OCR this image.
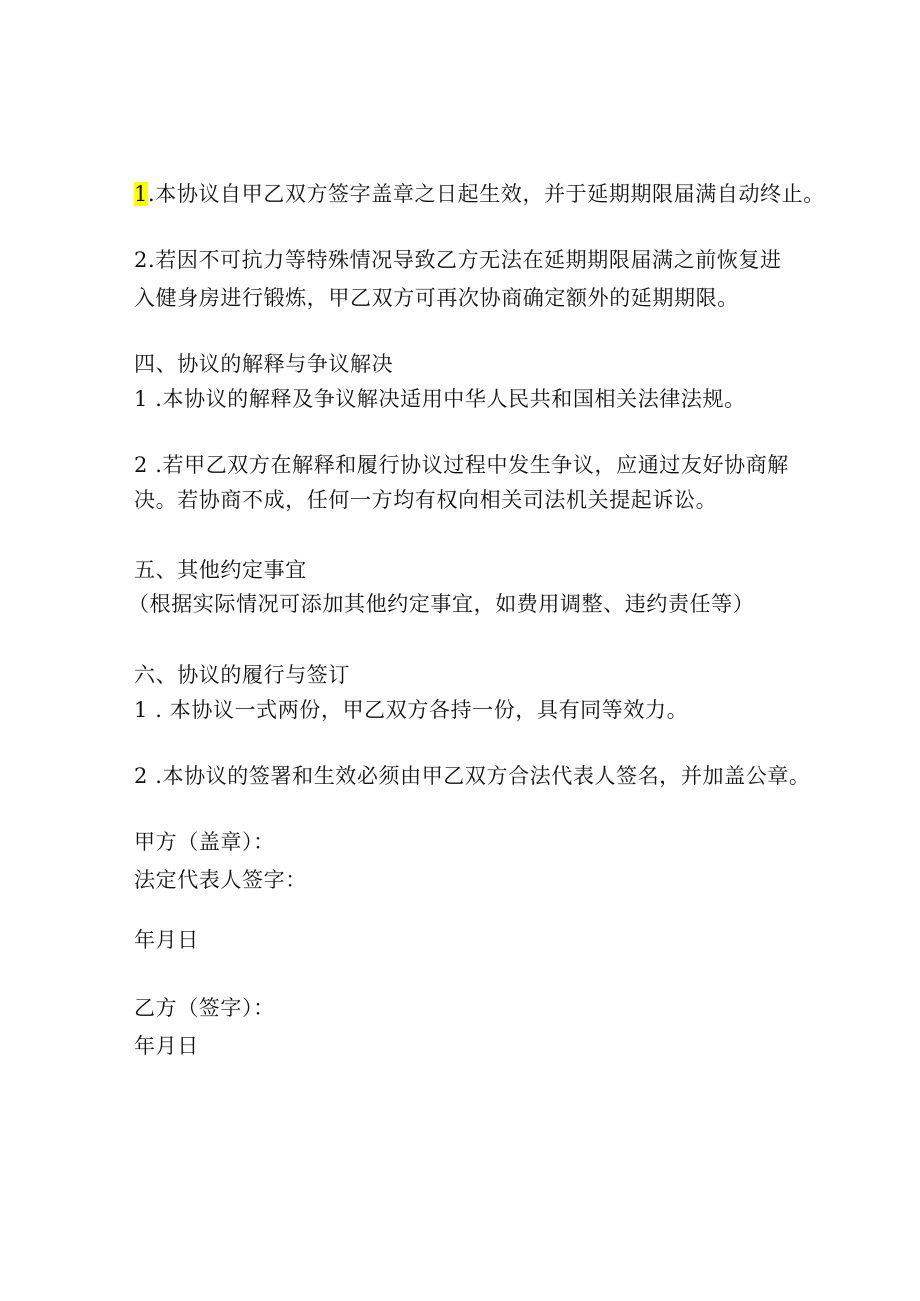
1.本协议自甲乙双方签字盖章之日起生效，并于延期期限届满自动终止。
2.若因不可抗力等特殊情况导致乙方无法在延期期限届满之前恢复进
入健身房进行锻炼，甲乙双方可再次协商确定额外的延期期限。
四、协议的解释与争议解决
1 .本协议的解释及争议解决适用中华人民共和国相关法律法规。
2 .若甲乙双方在解释和履行协议过程中发生争议，应通过友好协商解
决。若协商不成，任何一方均有权向相关司法机关提起诉讼。
五、其他约定事宜
（根据实际情况可添加其他约定事宜，如费用调整、违约责任等）
六、协议的履行与签订
1 . 本协议一式两份，甲乙双方各持一份，具有同等效力。
2 .本协议的签署和生效必须由甲乙双方合法代表人签名，并加盖公章。
甲方（盖章）：
法定代表人签字：
年月日
乙方（签字）：
年月日
